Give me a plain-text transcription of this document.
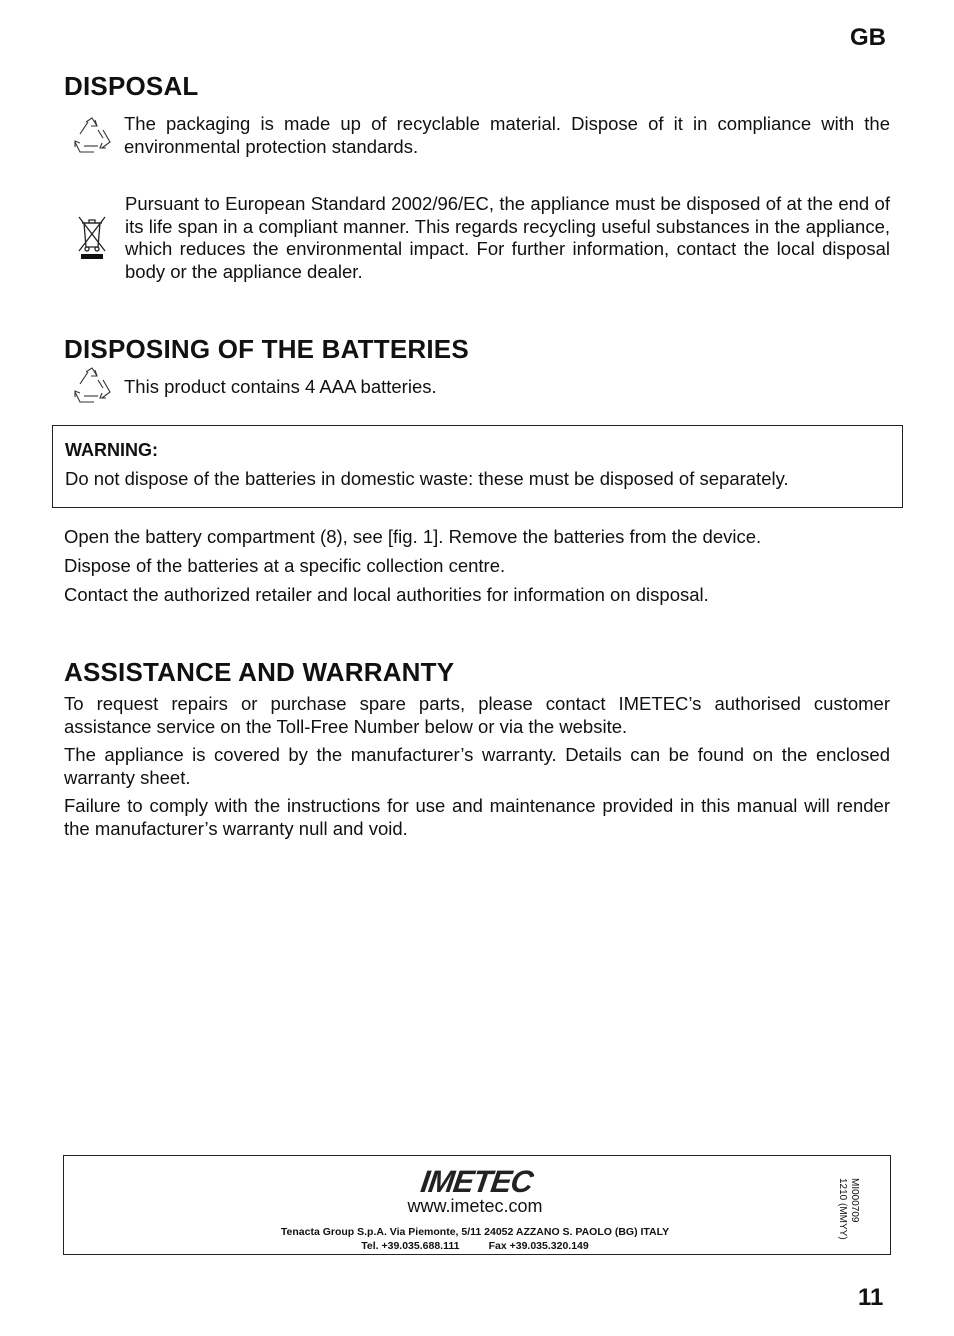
GB
DISPOSAL
The packaging is made up of recyclable material. Dispose of it in compliance with the environmental protection standards.
Pursuant to European Standard 2002/96/EC, the appliance must be disposed of at the end of its life span in a compliant manner. This regards recycling useful substances in the appliance, which reduces the environmental impact. For further information, contact the local disposal body or the appliance dealer.
DISPOSING OF THE BATTERIES
This product contains 4 AAA batteries.
WARNING:
Do not dispose of the batteries in domestic waste: these must be disposed of separately.
Open the battery compartment (8), see [fig. 1]. Remove the batteries from the device.
Dispose of the batteries at a specific collection centre.
Contact the authorized retailer and local authorities for information on disposal.
ASSISTANCE AND WARRANTY
To request repairs or purchase spare parts, please contact IMETEC’s authorised customer assistance service on the Toll-Free Number below or via the website.
The appliance is covered by the manufacturer’s warranty. Details can be found on the enclosed warranty sheet.
Failure to comply with the instructions for use and maintenance provided in this manual will render the manufacturer’s warranty null and void.
IMETEC
www.imetec.com
Tenacta Group S.p.A. Via Piemonte, 5/11 24052 AZZANO S. PAOLO (BG) ITALY
Tel. +39.035.688.111          Fax +39.035.320.149
MI000709
1210 (MMYY)
11
